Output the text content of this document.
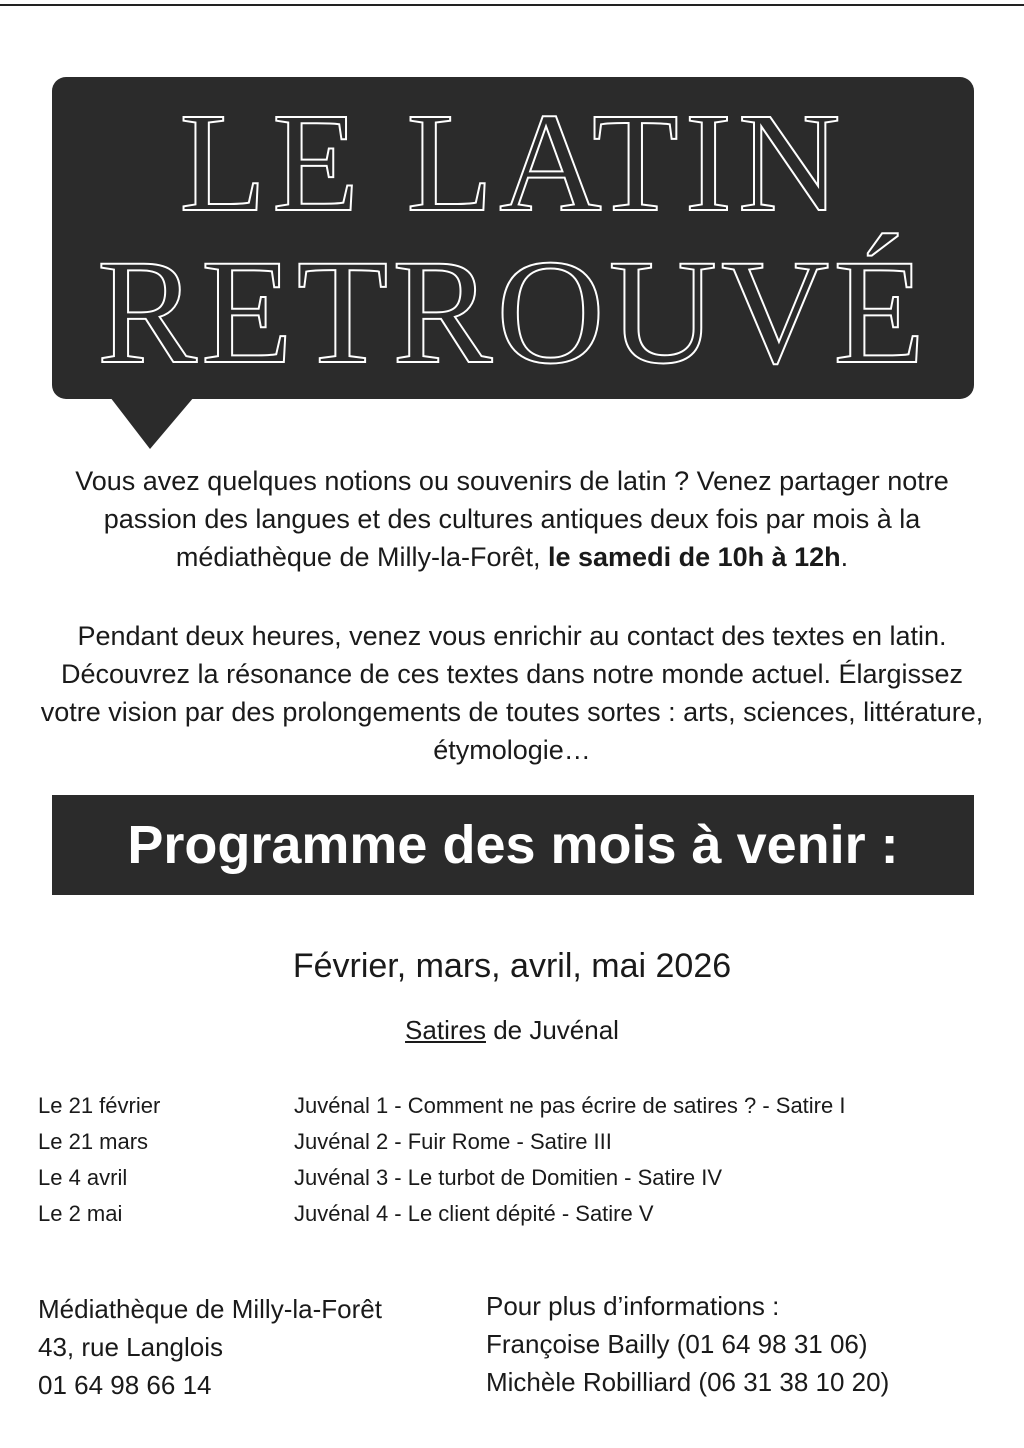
LE LATIN
RETROUVÉ
Vous avez quelques notions ou souvenirs de latin ? Venez partager notre passion des langues et des cultures antiques deux fois par mois à la médiathèque de Milly-la-Forêt, le samedi de 10h à 12h.
Pendant deux heures, venez vous enrichir au contact des textes en latin. Découvrez la résonance de ces textes dans notre monde actuel. Élargissez votre vision par des prolongements de toutes sortes : arts, sciences, littérature, étymologie…
Programme des mois à venir :
Février, mars, avril, mai 2026
Satires de Juvénal
Le 21 février	Juvénal 1 - Comment ne pas écrire de satires ? - Satire I
Le 21 mars	Juvénal 2 - Fuir Rome - Satire III
Le 4 avril	Juvénal 3 - Le turbot de Domitien - Satire IV
Le 2 mai	Juvénal 4 - Le client dépité - Satire V
Médiathèque de Milly-la-Forêt
43, rue Langlois
01 64 98 66 14
Pour plus d’informations :
Françoise Bailly (01 64 98 31 06)
Michèle Robilliard (06 31 38 10 20)
